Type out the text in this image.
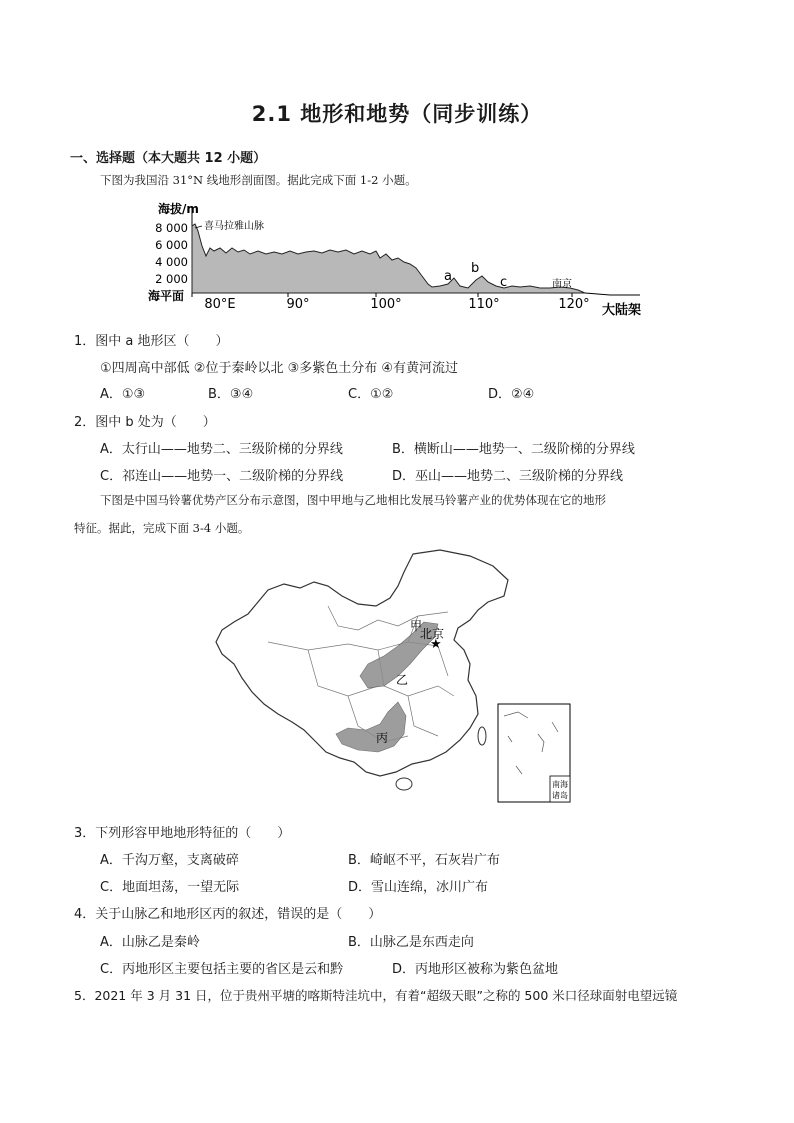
2.1 地形和地势（同步训练）
一、选择题（本大题共 12 小题）
下图为我国沿 31°N 线地形剖面图。据此完成下面 1-2 小题。
海拔/m
8 000
6 000
4 000
2 000
海平面
80°E	90°	100°	110°	120°
喜马拉雅山脉
a
b
c	南京
大陆架
1．图中 a 地形区（　　）
①四周高中部低 ②位于秦岭以北 ③多紫色土分布 ④有黄河流过
A．①③	B．③④	C．①②	D．②④
2．图中 b 处为（　　）
A．太行山——地势二、三级阶梯的分界线	B．横断山——地势一、二级阶梯的分界线
C．祁连山——地势一、二级阶梯的分界线	D．巫山——地势二、三级阶梯的分界线
下图是中国马铃薯优势产区分布示意图，图中甲地与乙地相比发展马铃薯产业的优势体现在它的地形
特征。据此，完成下面 3-4 小题。
甲
北京
★
乙
丙
南海
诸岛
3．下列形容甲地地形特征的（　　）
A．千沟万壑，支离破碎	B．崎岖不平，石灰岩广布
C．地面坦荡，一望无际	D．雪山连绵，冰川广布
4．关于山脉乙和地形区丙的叙述，错误的是（　　）
A．山脉乙是秦岭	B．山脉乙是东西走向
C．丙地形区主要包括主要的省区是云和黔	D．丙地形区被称为紫色盆地
5．2021 年 3 月 31 日，位于贵州平塘的喀斯特洼坑中，有着“超级天眼”之称的 500 米口径球面射电望远镜
